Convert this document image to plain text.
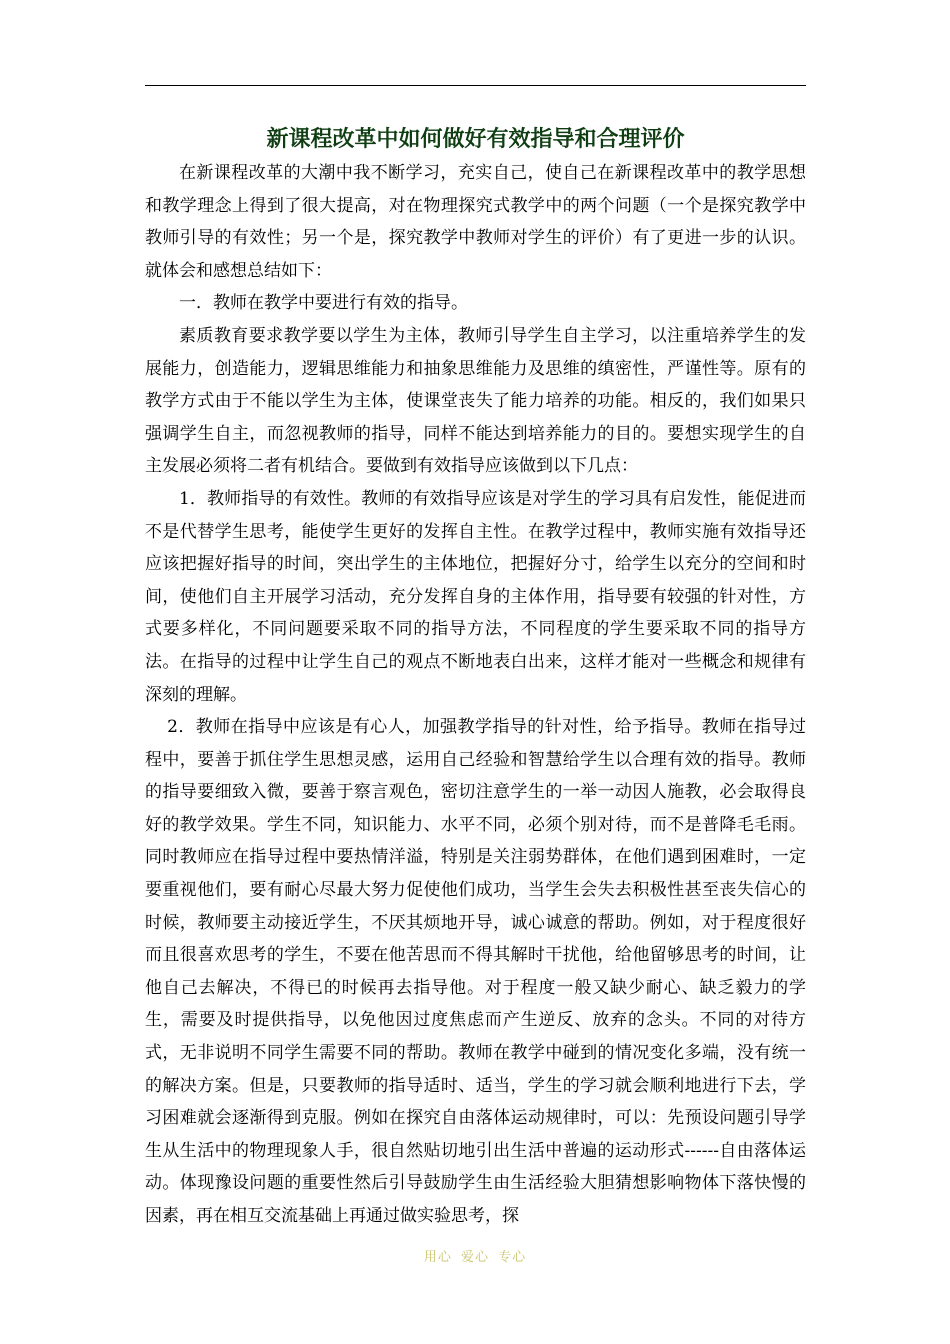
新课程改革中如何做好有效指导和合理评价

在新课程改革的大潮中我不断学习，充实自己，使自己在新课程改革中的教学思想和教学理念上得到了很大提高，对在物理探究式教学中的两个问题（一个是探究教学中教师引导的有效性；另一个是，探究教学中教师对学生的评价）有了更进一步的认识。就体会和感想总结如下：

一．教师在教学中要进行有效的指导。

素质教育要求教学要以学生为主体，教师引导学生自主学习，以注重培养学生的发展能力，创造能力，逻辑思维能力和抽象思维能力及思维的缜密性，严谨性等。原有的教学方式由于不能以学生为主体，使课堂丧失了能力培养的功能。相反的，我们如果只强调学生自主，而忽视教师的指导，同样不能达到培养能力的目的。要想实现学生的自主发展必须将二者有机结合。要做到有效指导应该做到以下几点：

1．教师指导的有效性。教师的有效指导应该是对学生的学习具有启发性，能促进而不是代替学生思考，能使学生更好的发挥自主性。在教学过程中，教师实施有效指导还应该把握好指导的时间，突出学生的主体地位，把握好分寸，给学生以充分的空间和时间，使他们自主开展学习活动，充分发挥自身的主体作用，指导要有较强的针对性，方式要多样化，不同问题要采取不同的指导方法，不同程度的学生要采取不同的指导方法。在指导的过程中让学生自己的观点不断地表白出来，这样才能对一些概念和规律有深刻的理解。

2．教师在指导中应该是有心人，加强教学指导的针对性，给予指导。教师在指导过程中，要善于抓住学生思想灵感，运用自己经验和智慧给学生以合理有效的指导。教师的指导要细致入微，要善于察言观色，密切注意学生的一举一动因人施教，必会取得良好的教学效果。学生不同，知识能力、水平不同，必须个别对待，而不是普降毛毛雨。同时教师应在指导过程中要热情洋溢，特别是关注弱势群体，在他们遇到困难时，一定要重视他们，要有耐心尽最大努力促使他们成功，当学生会失去积极性甚至丧失信心的时候，教师要主动接近学生，不厌其烦地开导，诚心诚意的帮助。例如，对于程度很好而且很喜欢思考的学生，不要在他苦思而不得其解时干扰他，给他留够思考的时间，让他自己去解决，不得已的时候再去指导他。对于程度一般又缺少耐心、缺乏毅力的学生，需要及时提供指导，以免他因过度焦虑而产生逆反、放弃的念头。不同的对待方式，无非说明不同学生需要不同的帮助。教师在教学中碰到的情况变化多端，没有统一的解决方案。但是，只要教师的指导适时、适当，学生的学习就会顺利地进行下去，学习困难就会逐渐得到克服。例如在探究自由落体运动规律时，可以：先预设问题引导学生从生活中的物理现象人手，很自然贴切地引出生活中普遍的运动形式------自由落体运动。体现豫设问题的重要性然后引导鼓励学生由生活经验大胆猜想影响物体下落快慢的因素，再在相互交流基础上再通过做实验思考，探

用心 爱心 专心
